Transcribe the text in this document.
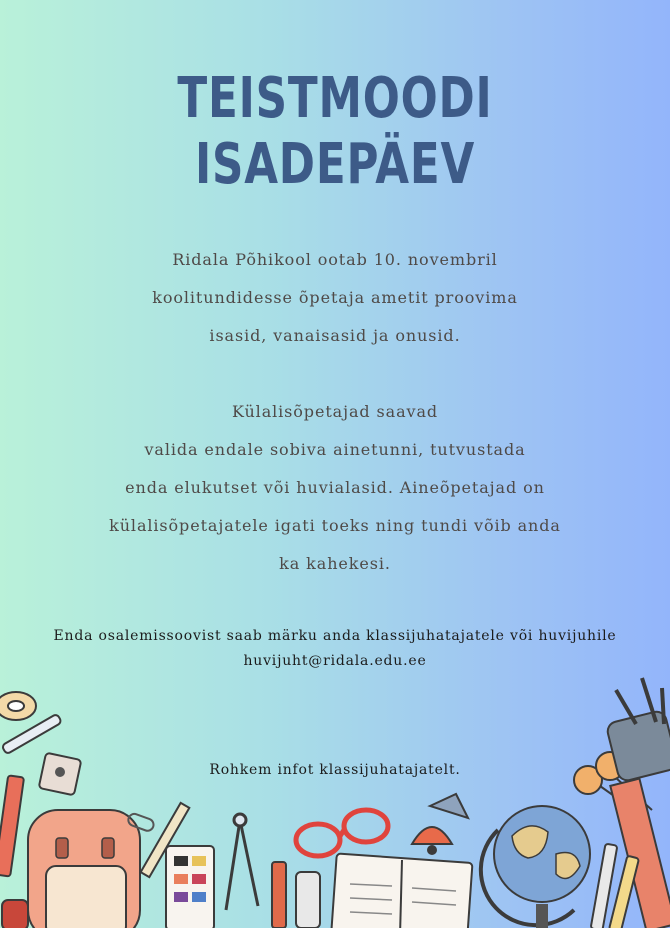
TEISTMOODI
ISADEPÄEV
Ridala Põhikool ootab 10. novembril
koolitundidesse õpetaja ametit proovima
isasid, vanaisasid ja onusid.
Külalisõpetajad saavad
valida endale sobiva ainetunni, tutvustada
enda elukutset või huvialasid. Aineõpetajad on
külalisõpetajatele igati toeks ning tundi võib anda
ka kahekesi.
Enda osalemissoovist saab märku anda klassijuhatajatele või huvijuhile
huvijuht@ridala.edu.ee
Rohkem infot klassijuhatajatelt.
